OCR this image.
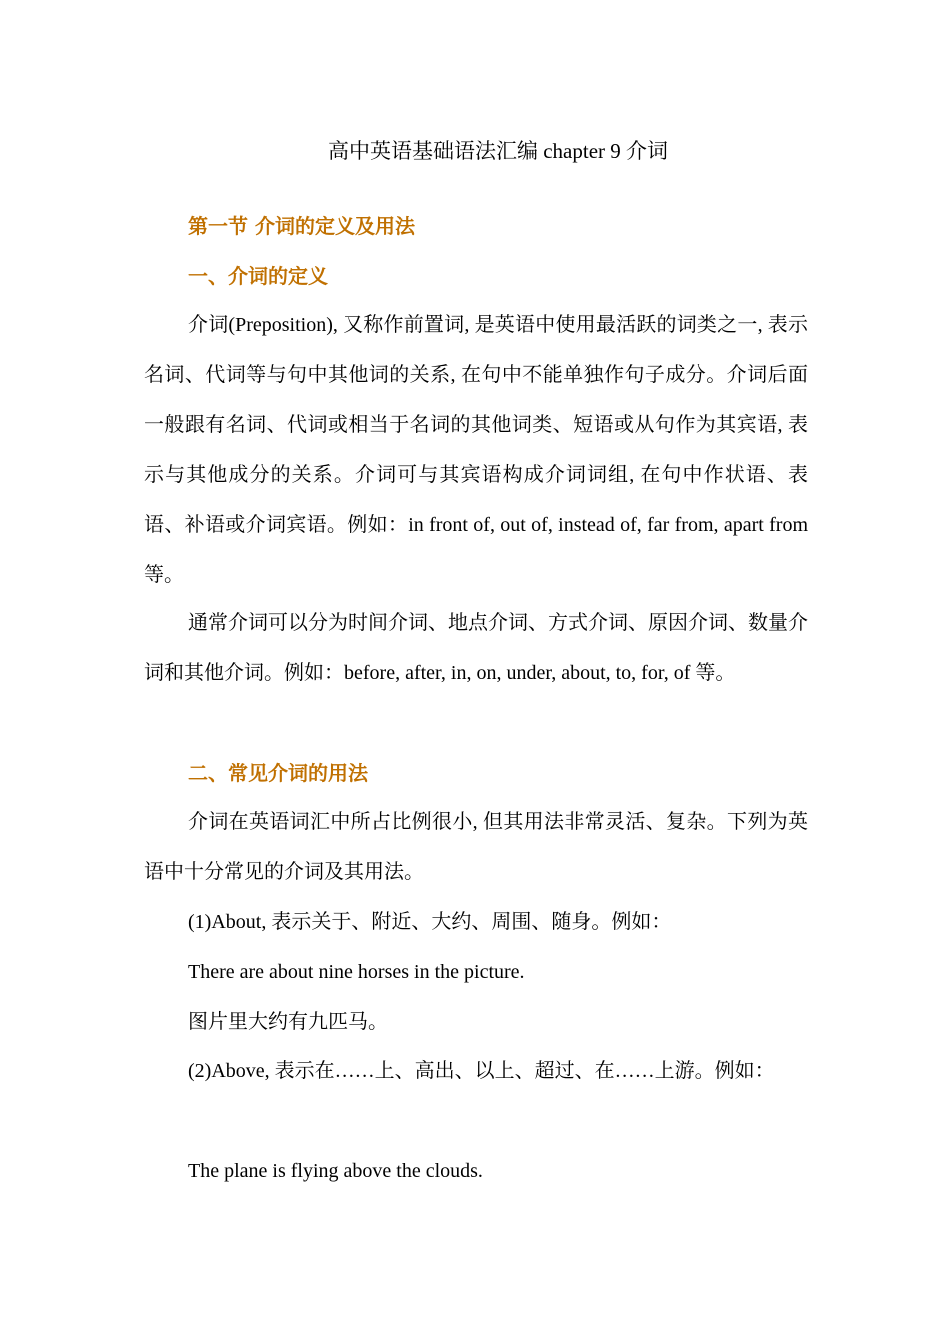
高中英语基础语法汇编 chapter 9 介词
第一节 介词的定义及用法
一、介词的定义

介词(Preposition), 又称作前置词, 是英语中使用最活跃的词类之一, 表示名词、代词等与句中其他词的关系, 在句中不能单独作句子成分。介词后面一般跟有名词、代词或相当于名词的其他词类、短语或从句作为其宾语, 表示与其他成分的关系。介词可与其宾语构成介词词组, 在句中作状语、表语、补语或介词宾语。例如：in front of, out of, instead of, far from, apart from 等。

通常介词可以分为时间介词、地点介词、方式介词、原因介词、数量介词和其他介词。例如：before, after, in, on, under, about, to, for, of 等。

二、常见介词的用法

介词在英语词汇中所占比例很小, 但其用法非常灵活、复杂。下列为英语中十分常见的介词及其用法。

(1)About, 表示关于、附近、大约、周围、随身。例如：

There are about nine horses in the picture.

图片里大约有九匹马。

(2)Above, 表示在……上、高出、以上、超过、在……上游。例如：

The plane is flying above the clouds.
